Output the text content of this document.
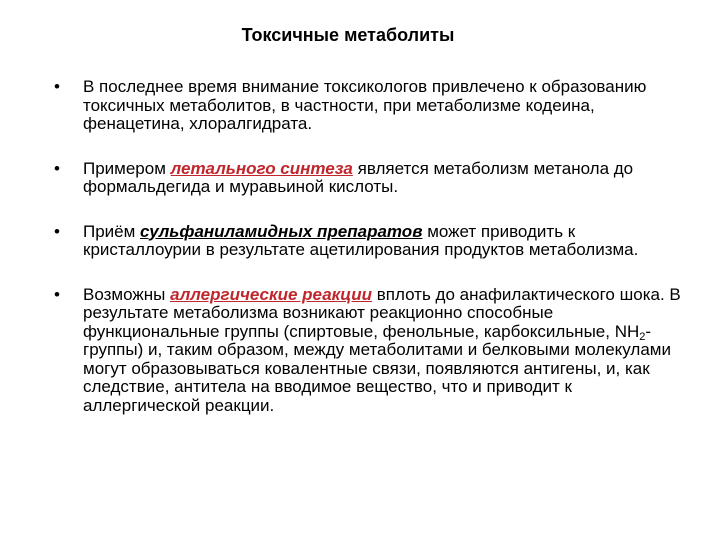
Токсичные метаболиты
• В последнее время внимание токсикологов привлечено к образованию токсичных метаболитов, в частности, при метаболизме кодеина, фенацетина, хлоралгидрата.
• Примером летального синтеза является метаболизм метанола до формальдегида и муравьиной кислоты.
• Приём сульфаниламидных препаратов может приводить к кристаллоурии в результате ацетилирования продуктов метаболизма.
• Возможны аллергические реакции вплоть до анафилактического шока. В результате метаболизма возникают реакционно способные функциональные группы (спиртовые, фенольные, карбоксильные, $NH_2-группы$) и, таким образом, между метаболитами и белковыми молекулами могут образовываться ковалентные связи, появляются антигены, и, как следствие, антитела на вводимое вещество, что и приводит к аллергической реакции.
